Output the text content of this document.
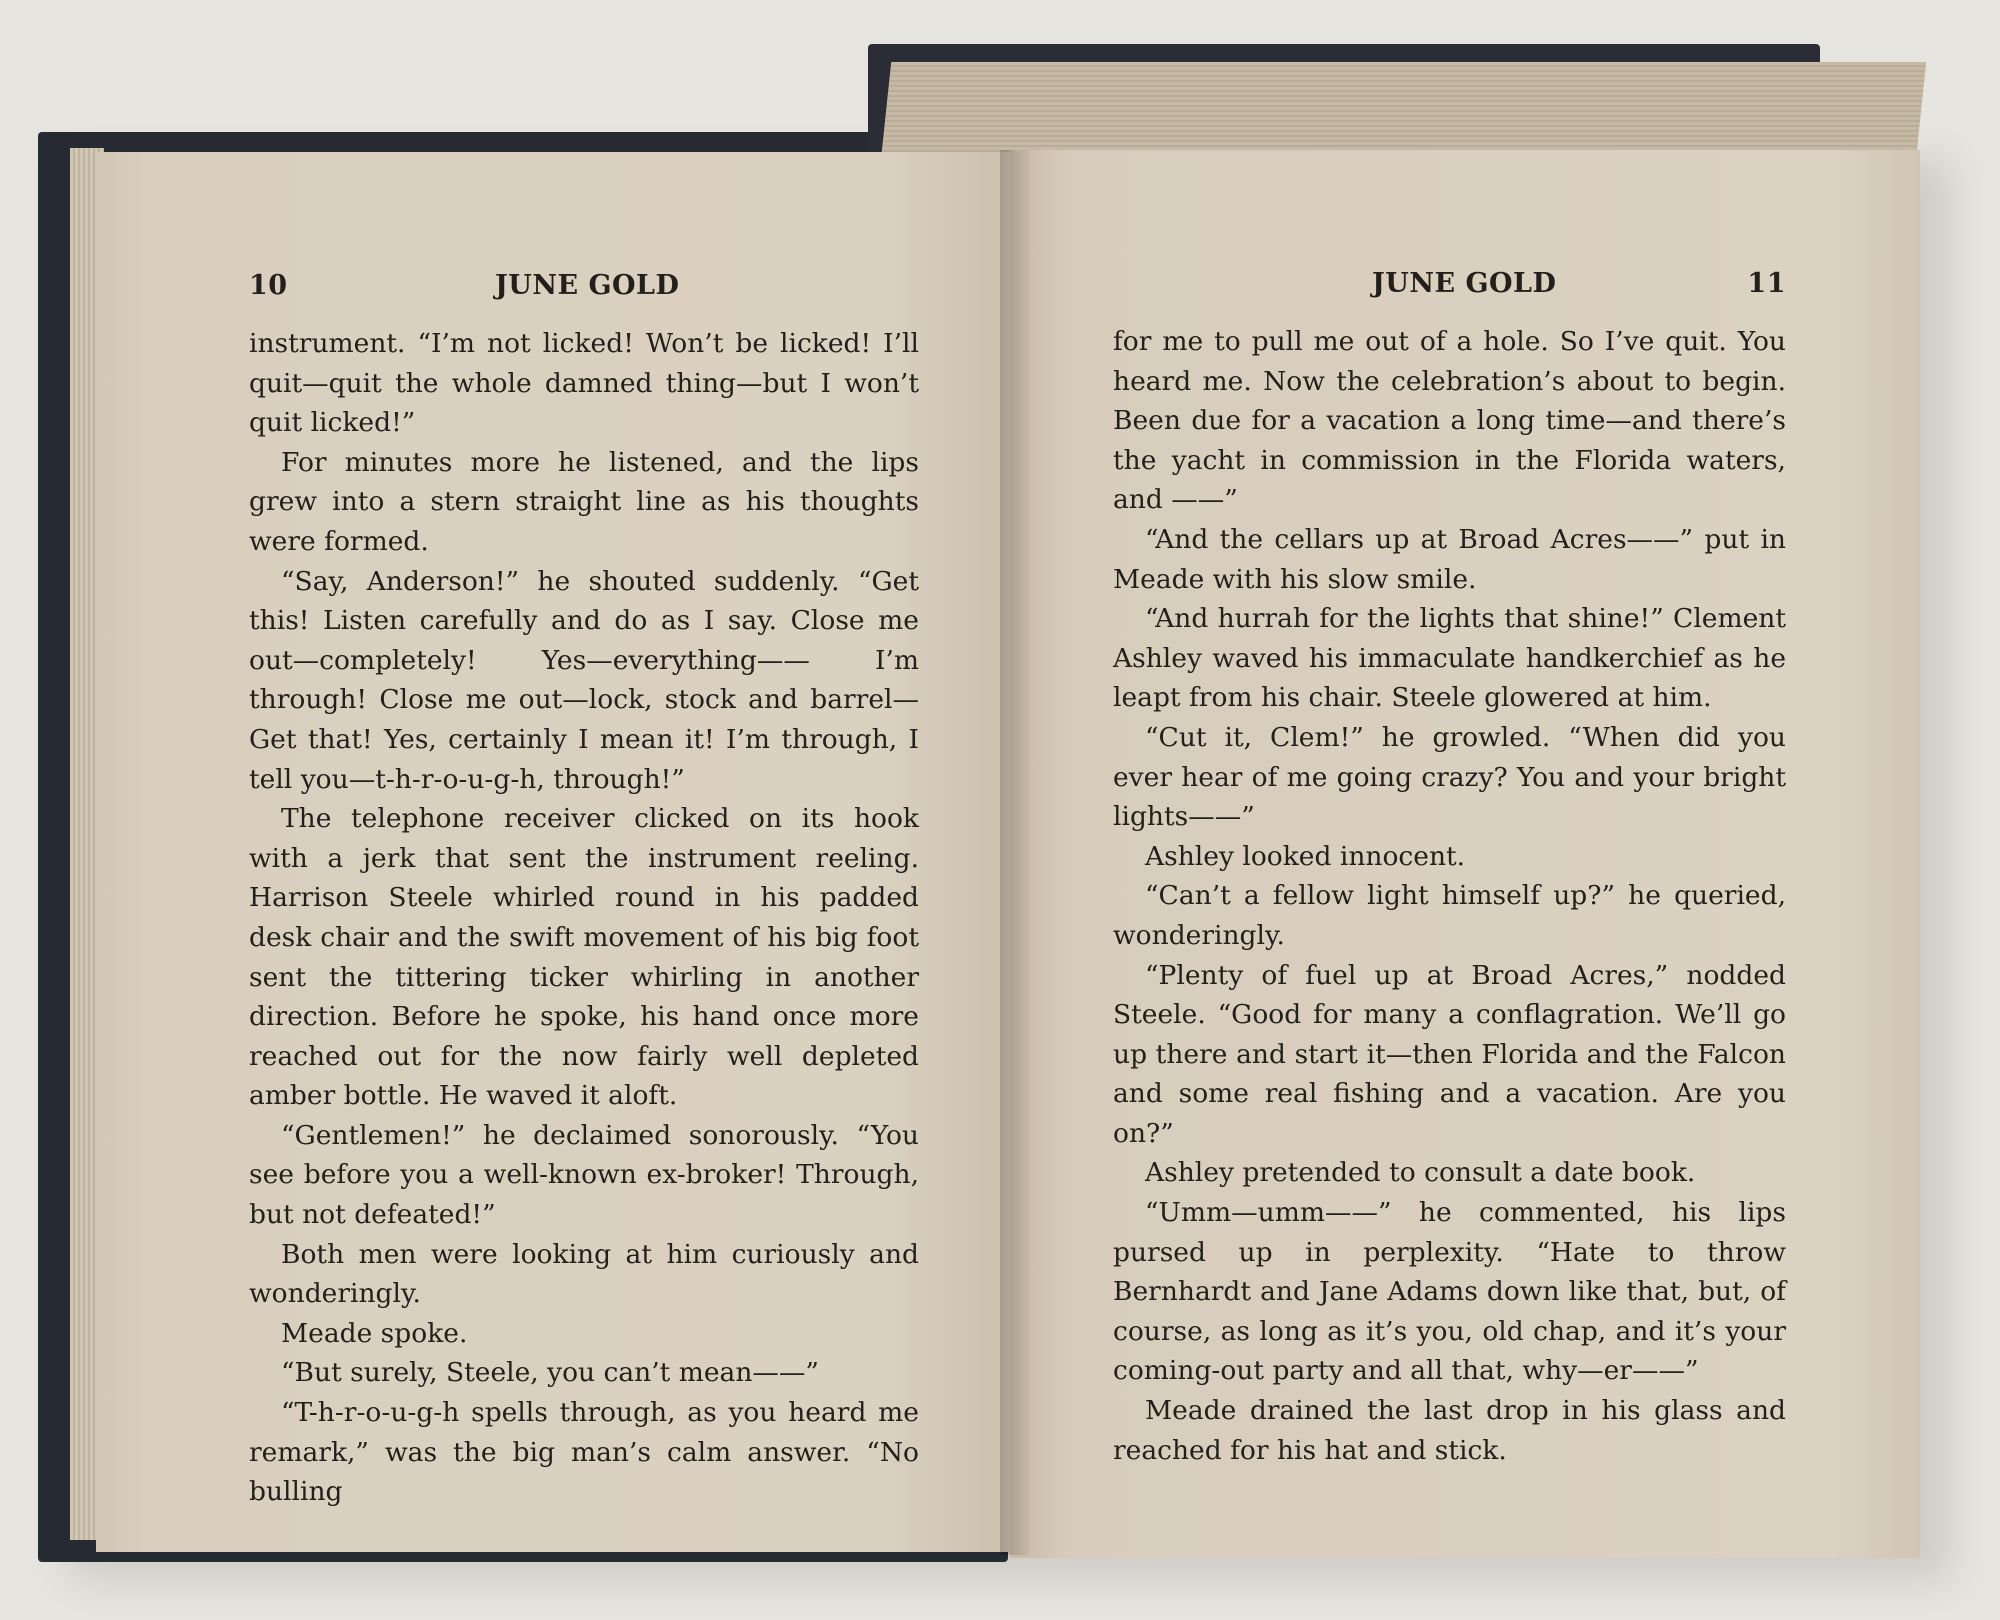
10	JUNE GOLD

instrument. “I’m not licked! Won’t be licked! I’ll quit—quit the whole damned thing—but I won’t quit licked!”

For minutes more he listened, and the lips grew into a stern straight line as his thoughts were formed.

“Say, Anderson!” he shouted suddenly. “Get this! Listen carefully and do as I say. Close me out—completely! Yes—everything—— I’m through! Close me out—lock, stock and barrel—Get that! Yes, certainly I mean it! I’m through, I tell you—t-h-r-o-u-g-h, through!”

The telephone receiver clicked on its hook with a jerk that sent the instrument reeling. Harrison Steele whirled round in his padded desk chair and the swift movement of his big foot sent the tittering ticker whirling in another direction. Before he spoke, his hand once more reached out for the now fairly well depleted amber bottle. He waved it aloft.

“Gentlemen!” he declaimed sonorously. “You see before you a well-known ex-broker! Through, but not defeated!”

Both men were looking at him curiously and wonderingly.

Meade spoke.

“But surely, Steele, you can’t mean——”

“T-h-r-o-u-g-h spells through, as you heard me remark,” was the big man’s calm answer. “No bulling

JUNE GOLD	11

for me to pull me out of a hole. So I’ve quit. You heard me. Now the celebration’s about to begin. Been due for a vacation a long time—and there’s the yacht in commission in the Florida waters, and ——”

“And the cellars up at Broad Acres——” put in Meade with his slow smile.

“And hurrah for the lights that shine!” Clement Ashley waved his immaculate handkerchief as he leapt from his chair. Steele glowered at him.

“Cut it, Clem!” he growled. “When did you ever hear of me going crazy? You and your bright lights——”

Ashley looked innocent.

“Can’t a fellow light himself up?” he queried, wonderingly.

“Plenty of fuel up at Broad Acres,” nodded Steele. “Good for many a conflagration. We’ll go up there and start it—then Florida and the Falcon and some real fishing and a vacation. Are you on?”

Ashley pretended to consult a date book.

“Umm—umm——” he commented, his lips pursed up in perplexity. “Hate to throw Bernhardt and Jane Adams down like that, but, of course, as long as it’s you, old chap, and it’s your coming-out party and all that, why—er——”

Meade drained the last drop in his glass and reached for his hat and stick.
